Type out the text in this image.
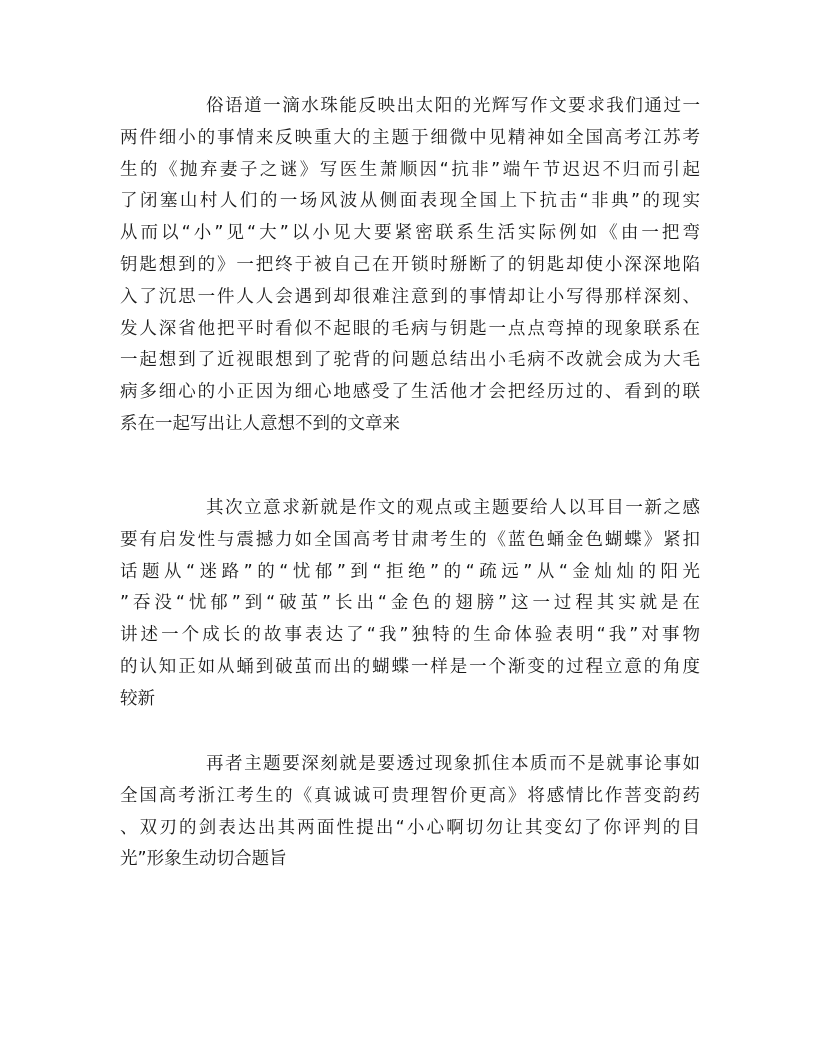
俗语道一滴水珠能反映出太阳的光辉写作文要求我们通过一
两件细小的事情来反映重大的主题于细微中见精神如全国高考江苏考
生的《抛弃妻子之谜》写医生萧顺因“抗非”端午节迟迟不归而引起
了闭塞山村人们的一场风波从侧面表现全国上下抗击“非典”的现实
从而以“小”见“大”以小见大要紧密联系生活实际例如《由一把弯
钥匙想到的》一把终于被自己在开锁时掰断了的钥匙却使小深深地陷
入了沉思一件人人会遇到却很难注意到的事情却让小写得那样深刻、
发人深省他把平时看似不起眼的毛病与钥匙一点点弯掉的现象联系在
一起想到了近视眼想到了驼背的问题总结出小毛病不改就会成为大毛
病多细心的小正因为细心地感受了生活他才会把经历过的、看到的联
系在一起写出让人意想不到的文章来
其次立意求新就是作文的观点或主题要给人以耳目一新之感
要有启发性与震撼力如全国高考甘肃考生的《蓝色蛹金色蝴蝶》紧扣
话题从“迷路”的“忧郁”到“拒绝”的“疏远”从“金灿灿的阳光
”吞没“忧郁”到“破茧”长出“金色的翅膀”这一过程其实就是在
讲述一个成长的故事表达了“我”独特的生命体验表明“我”对事物
的认知正如从蛹到破茧而出的蝴蝶一样是一个渐变的过程立意的角度
较新
再者主题要深刻就是要透过现象抓住本质而不是就事论事如
全国高考浙江考生的《真诚诚可贵理智价更高》将感情比作菩变韵药
、双刃的剑表达出其两面性提出“小心啊切勿让其变幻了你评判的目
光”形象生动切合题旨
